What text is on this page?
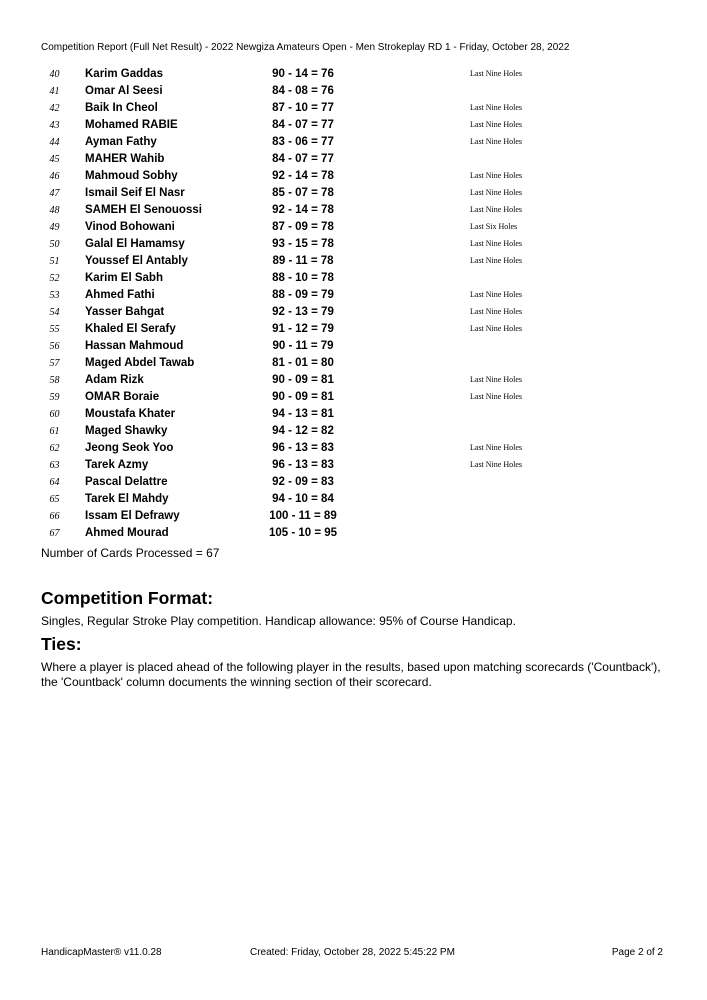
Competition Report (Full Net Result) - 2022 Newgiza Amateurs Open - Men Strokeplay RD 1 - Friday, October 28, 2022
40	Karim Gaddas	90 - 14 = 76	Last Nine Holes
41	Omar Al Seesi	84 - 08 = 76
42	Baik In Cheol	87 - 10 = 77	Last Nine Holes
43	Mohamed RABIE	84 - 07 = 77	Last Nine Holes
44	Ayman Fathy	83 - 06 = 77	Last Nine Holes
45	MAHER Wahib	84 - 07 = 77
46	Mahmoud Sobhy	92 - 14 = 78	Last Nine Holes
47	Ismail Seif El Nasr	85 - 07 = 78	Last Nine Holes
48	SAMEH El Senouossi	92 - 14 = 78	Last Nine Holes
49	Vinod Bohowani	87 - 09 = 78	Last Six Holes
50	Galal El Hamamsy	93 - 15 = 78	Last Nine Holes
51	Youssef El Antably	89 - 11 = 78	Last Nine Holes
52	Karim El Sabh	88 - 10 = 78
53	Ahmed Fathi	88 - 09 = 79	Last Nine Holes
54	Yasser Bahgat	92 - 13 = 79	Last Nine Holes
55	Khaled El Serafy	91 - 12 = 79	Last Nine Holes
56	Hassan Mahmoud	90 - 11 = 79
57	Maged Abdel Tawab	81 - 01 = 80
58	Adam Rizk	90 - 09 = 81	Last Nine Holes
59	OMAR Boraie	90 - 09 = 81	Last Nine Holes
60	Moustafa Khater	94 - 13 = 81
61	Maged Shawky	94 - 12 = 82
62	Jeong Seok Yoo	96 - 13 = 83	Last Nine Holes
63	Tarek Azmy	96 - 13 = 83	Last Nine Holes
64	Pascal Delattre	92 - 09 = 83
65	Tarek El Mahdy	94 - 10 = 84
66	Issam El Defrawy	100 - 11 = 89
67	Ahmed Mourad	105 - 10 = 95
Number of Cards Processed = 67
Competition Format:

Singles, Regular Stroke Play competition. Handicap allowance: 95% of Course Handicap.

Ties:

Where a player is placed ahead of the following player in the results, based upon matching scorecards ('Countback'), the 'Countback' column documents the winning section of their scorecard.

HandicapMaster® v11.0.28	Created: Friday, October 28, 2022 5:45:22 PM	Page 2 of 2
